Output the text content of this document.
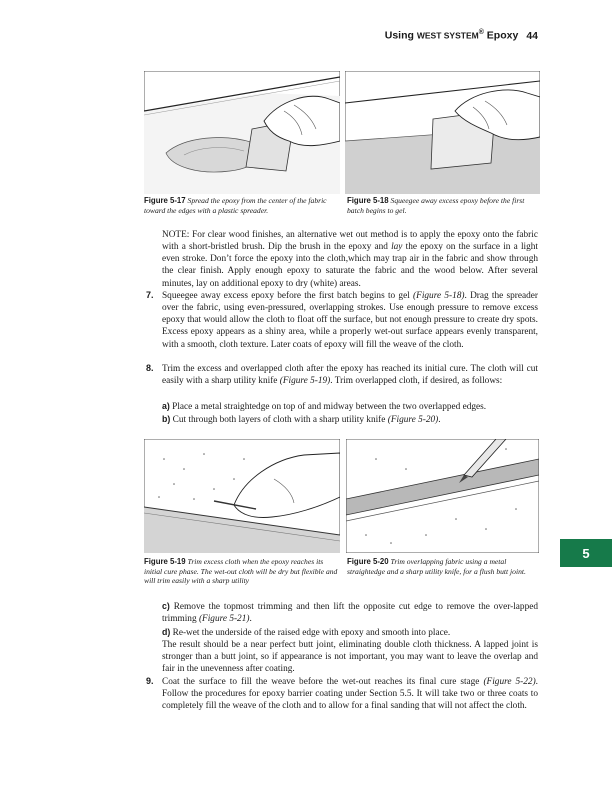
Using WEST SYSTEM® Epoxy 44
Figure 5-17 Spread the epoxy from the center of the fabric toward the edges with a plastic spreader.
Figure 5-18 Squeegee away excess epoxy before the first batch begins to gel.
NOTE: For clear wood finishes, an alternative wet out method is to apply the epoxy onto the fabric with a short-bristled brush. Dip the brush in the epoxy and lay the epoxy on the surface in a light even stroke. Don’t force the epoxy into the cloth,which may trap air in the fabric and show through the clear finish. Apply enough epoxy to saturate the fabric and the wood below. After several minutes, lay on additional epoxy to dry (white) areas.
7. Squeegee away excess epoxy before the first batch begins to gel (Figure 5-18). Drag the spreader over the fabric, using even-pressured, overlapping strokes. Use enough pressure to remove excess epoxy that would allow the cloth to float off the surface, but not enough pressure to create dry spots. Excess epoxy appears as a shiny area, while a properly wet-out surface appears evenly transparent, with a smooth, cloth texture. Later coats of epoxy will fill the weave of the cloth.
8. Trim the excess and overlapped cloth after the epoxy has reached its initial cure. The cloth will cut easily with a sharp utility knife (Figure 5-19). Trim overlapped cloth, if desired, as follows:
a) Place a metal straightedge on top of and midway between the two overlapped edges.
b) Cut through both layers of cloth with a sharp utility knife (Figure 5-20).
Figure 5-19 Trim excess cloth when the epoxy reaches its initial cure phase. The wet-out cloth will be dry but flexible and will trim easily with a sharp utility
Figure 5-20 Trim overlapping fabric using a metal straightedge and a sharp utility knife, for a flush butt joint.
5
c) Remove the topmost trimming and then lift the opposite cut edge to remove the over-lapped trimming (Figure 5-21).
d) Re-wet the underside of the raised edge with epoxy and smooth into place.
The result should be a near perfect butt joint, eliminating double cloth thickness. A lapped joint is stronger than a butt joint, so if appearance is not important, you may want to leave the overlap and fair in the unevenness after coating.
9. Coat the surface to fill the weave before the wet-out reaches its final cure stage (Figure 5-22). Follow the procedures for epoxy barrier coating under Section 5.5. It will take two or three coats to completely fill the weave of the cloth and to allow for a final sanding that will not affect the cloth.
